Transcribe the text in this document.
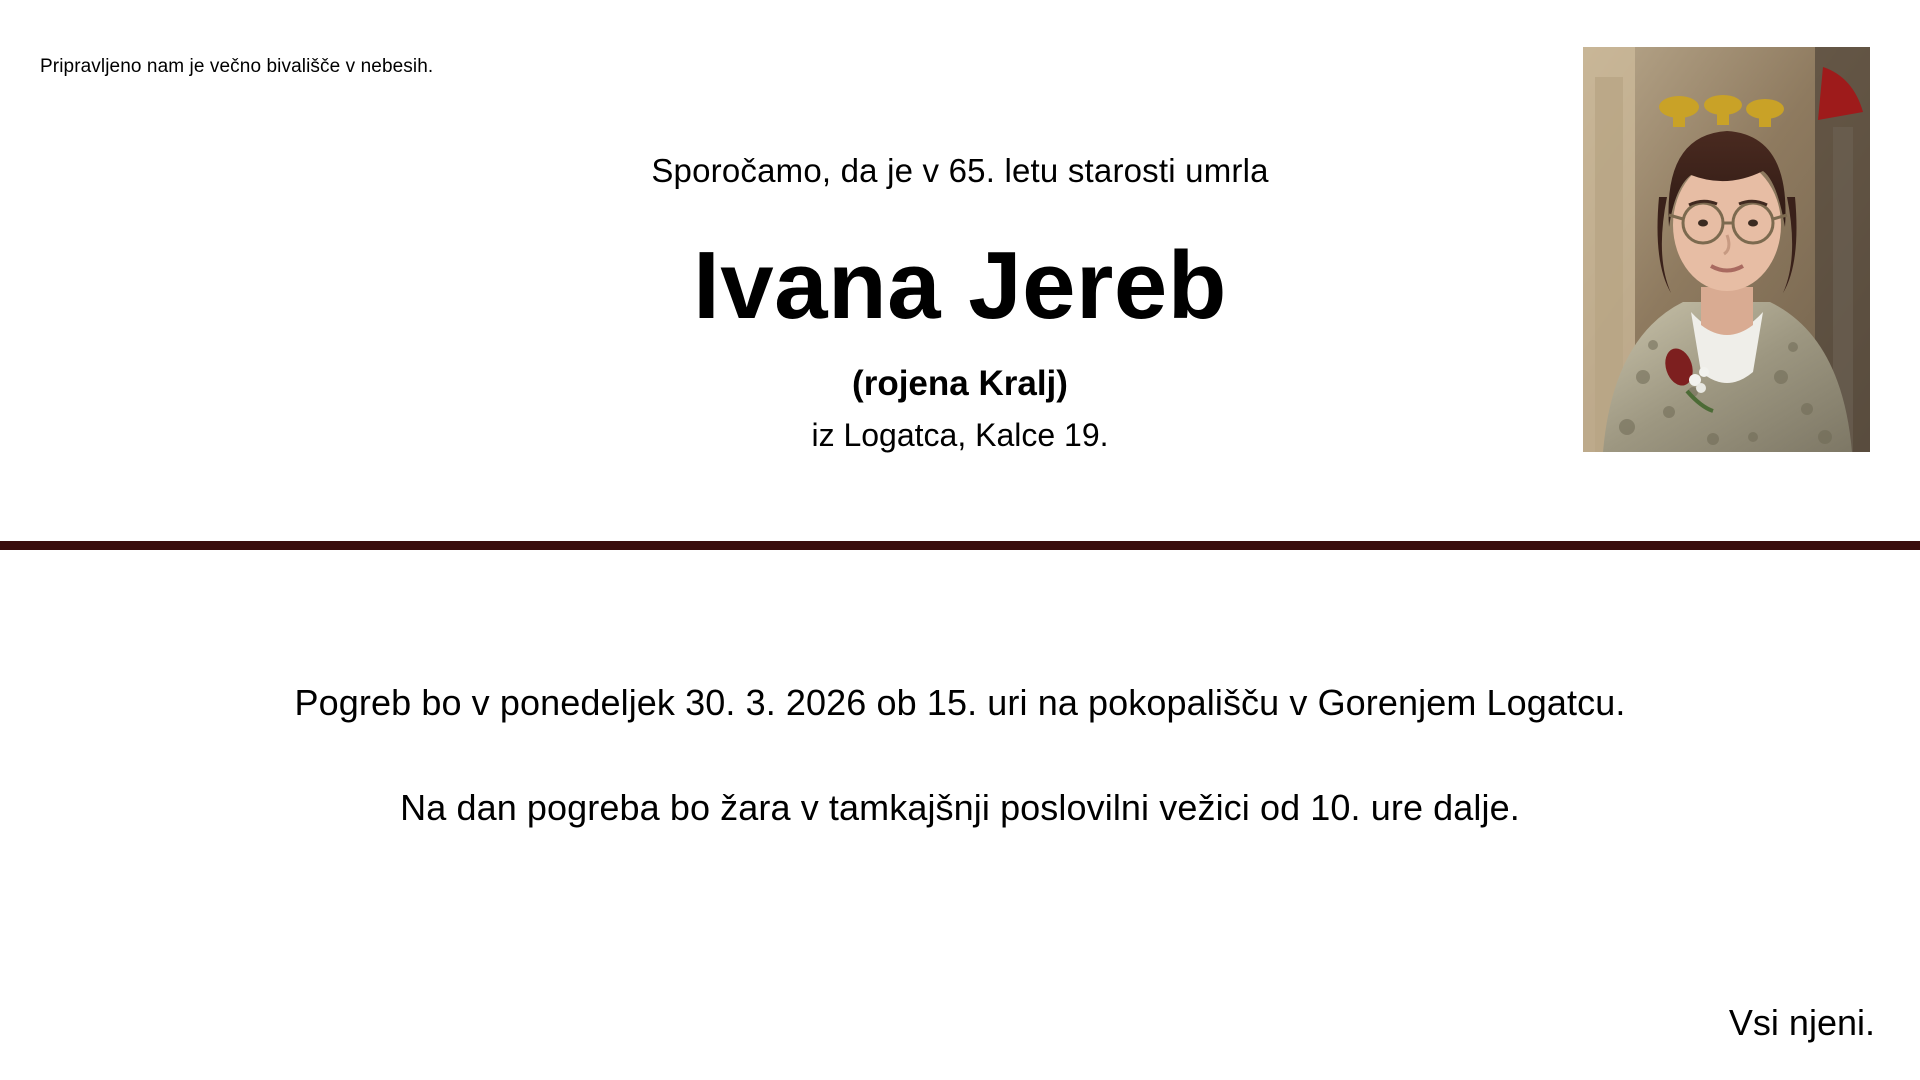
Pripravljeno nam je večno bivališče v nebesih.
Sporočamo, da je v 65. letu starosti umrla
Ivana Jereb
(rojena Kralj)
iz Logatca, Kalce 19.
Pogreb bo v ponedeljek 30. 3. 2026 ob 15. uri na pokopališču v Gorenjem Logatcu.
Na dan pogreba bo žara v tamkajšnji poslovilni vežici od 10. ure dalje.
Vsi njeni.
